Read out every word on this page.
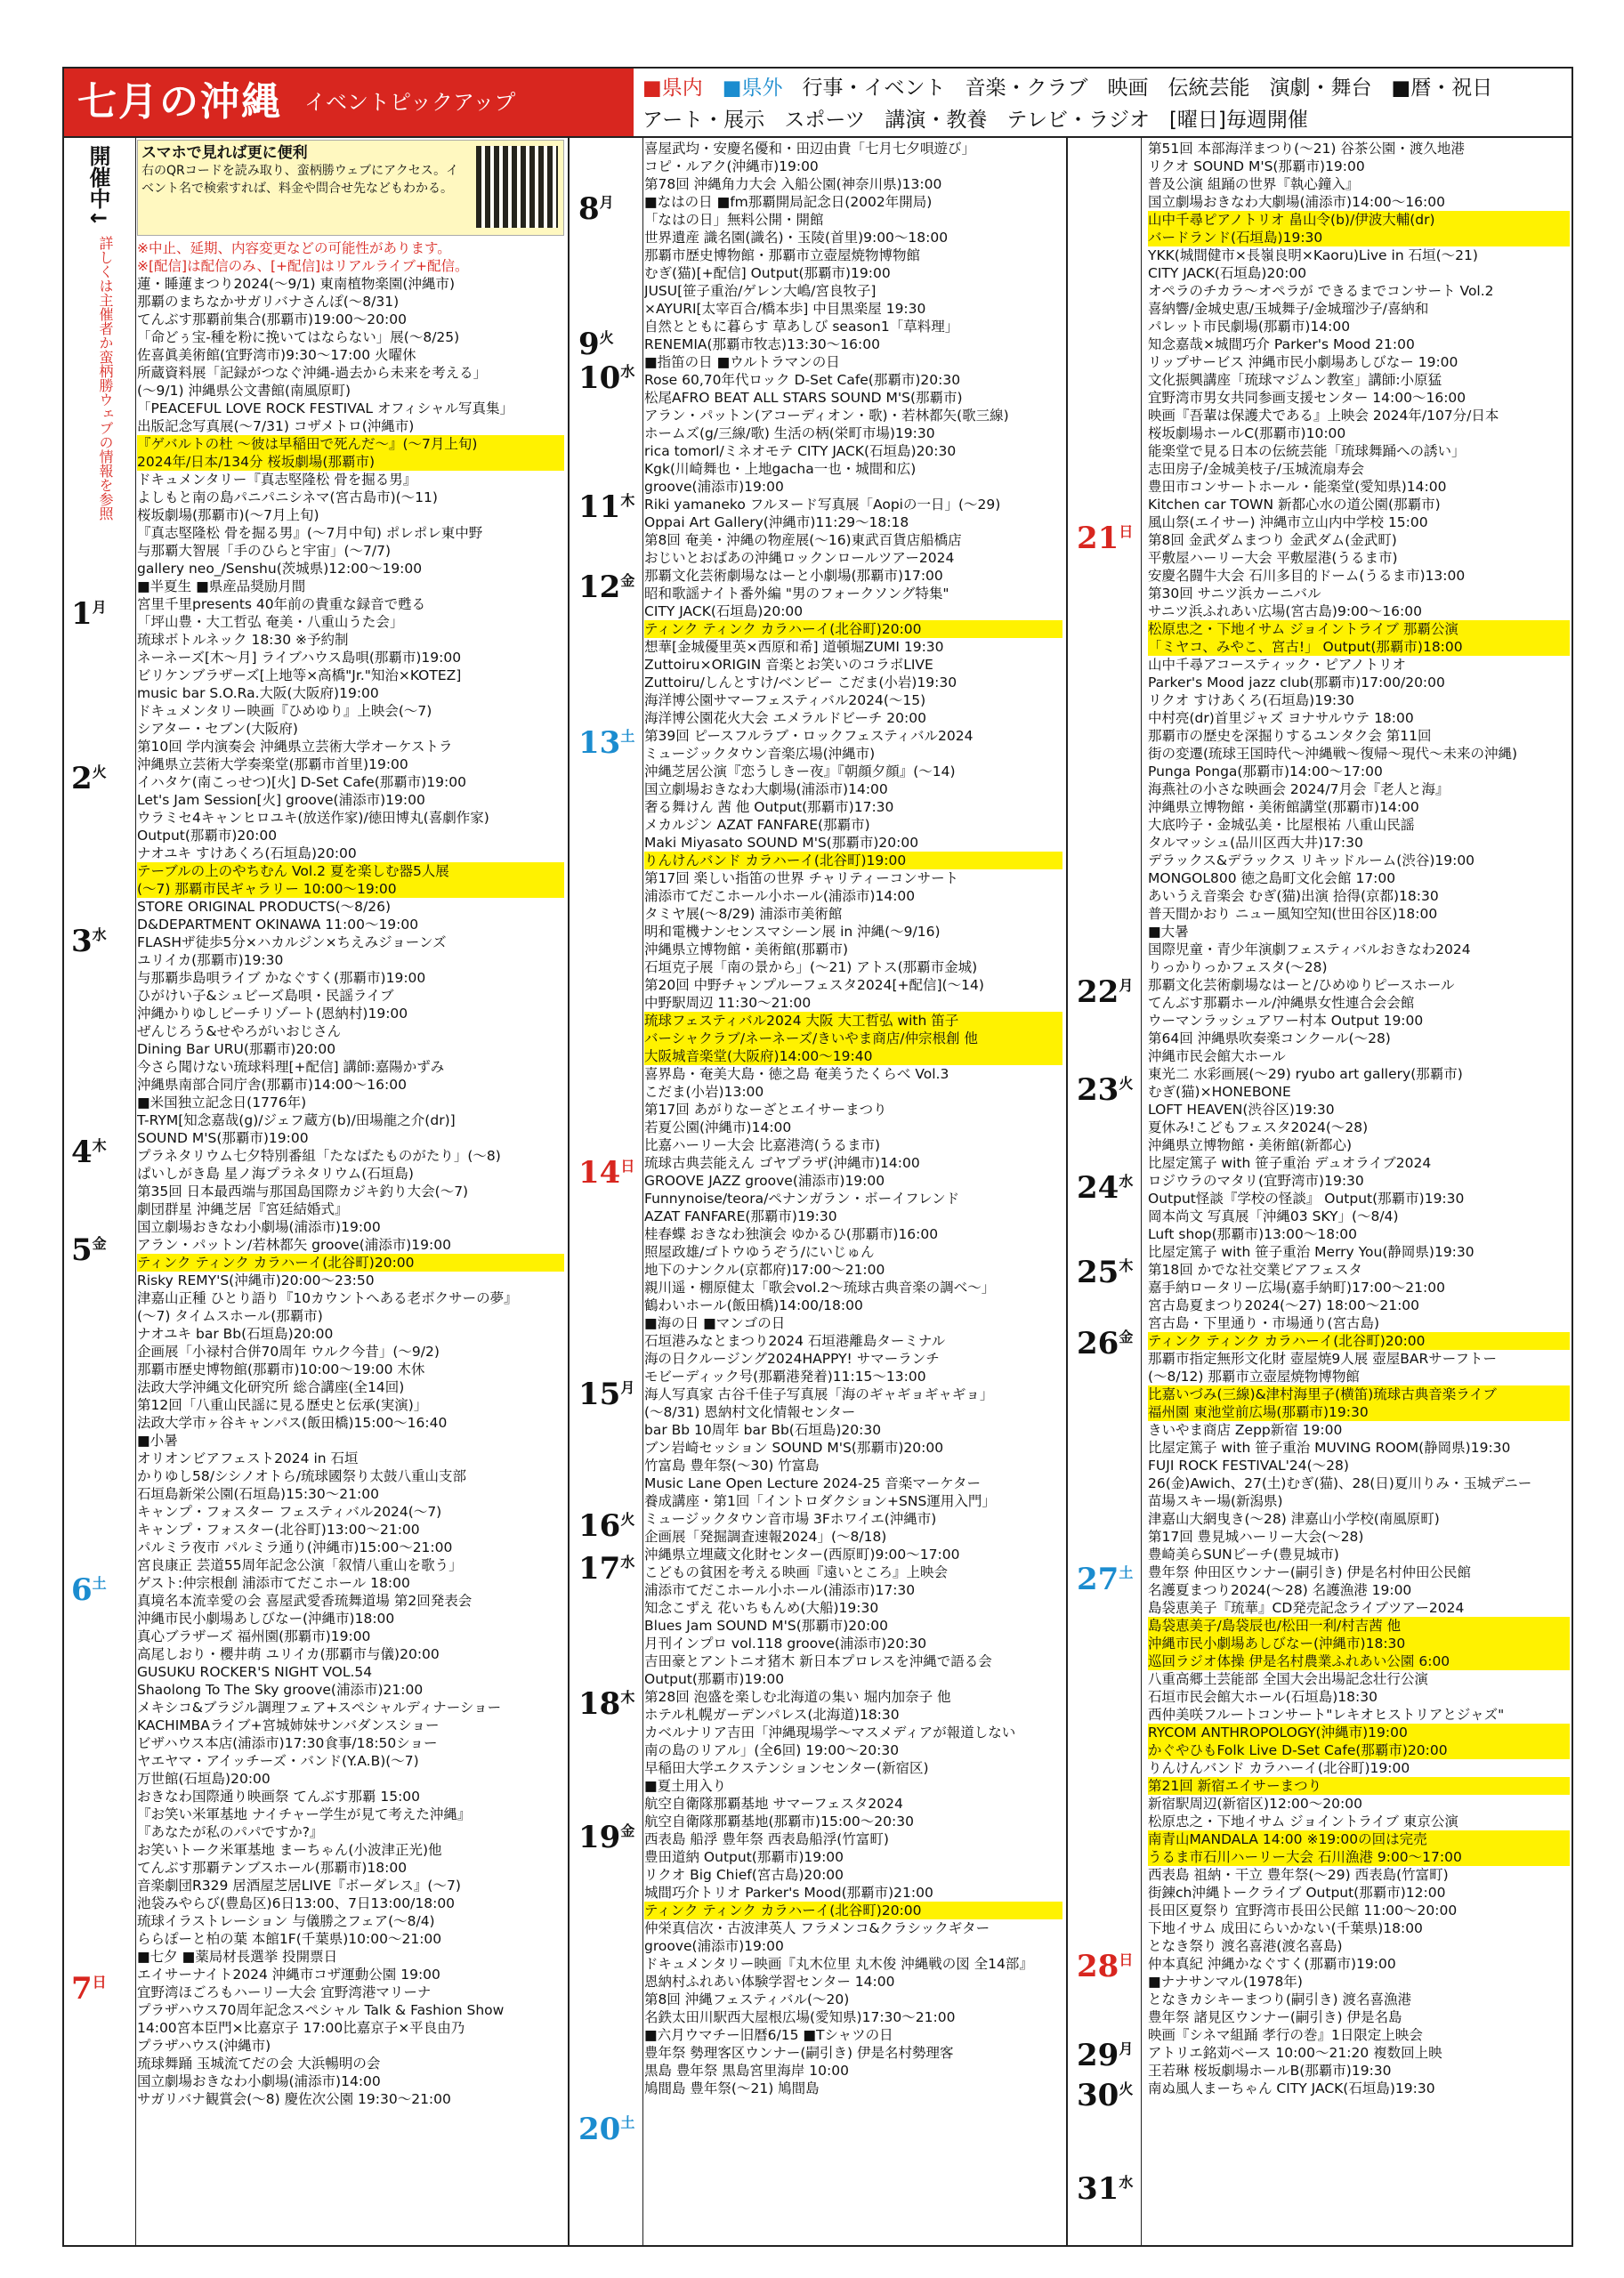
七月の沖縄	イベントピックアップ
■県内 ■県外 行事・イベント 音楽・クラブ 映画 伝統芸能 演劇・舞台 ■暦・祝日
アート・展示 スポーツ 講演・教養 テレビ・ラジオ [曜日]毎週開催
開催中↓
詳しくは主催者か蛮柄勝ウェブの情報を参照
$1^月$
$2^火$
$3^水$
$4^木$
$5^金$
$6^土$
$7^日$
スマホで見れば更に便利
右のQRコードを読み取り、蛮柄勝ウェブにアクセス。イベント名で検索すれば、料金や問合せ先などもわかる。
※中止、延期、内容変更などの可能性があります。
※[配信]は配信のみ、[+配信]はリアルライブ+配信。
蓮・睡蓮まつり2024(～9/1) 東南植物楽園(沖縄市)
那覇のまちなかサガリバナさんぽ(～8/31)
てんぶす那覇前集合(那覇市)19:00～20:00
「命どぅ宝-種を粉に挽いてはならない」展(～8/25)
佐喜眞美術館(宜野湾市)9:30～17:00 火曜休
所蔵資料展「記録がつなぐ沖縄-過去から未来を考える」
(～9/1) 沖縄県公文書館(南風原町)
「PEACEFUL LOVE ROCK FESTIVAL オフィシャル写真集」
出版記念写真展(～7/31) コザメトロ(沖縄市)
『ゲバルトの杜 ～彼は早稲田で死んだ～』(～7月上旬)
2024年/日本/134分 桜坂劇場(那覇市)
ドキュメンタリー『真志堅隆松 骨を掘る男』
よしもと南の島パニパニシネマ(宮古島市)(～11)
桜坂劇場(那覇市)(～7月上旬)
『真志堅隆松 骨を掘る男』(～7月中旬) ポレポレ東中野
与那覇大智展「手のひらと宇宙」(～7/7)
gallery neo_/Senshu(茨城県)12:00～19:00
■半夏生 ■県産品奨励月間
宮里千里presents 40年前の貴重な録音で甦る
「坪山豊・大工哲弘 奄美・八重山うた会」
琉球ボトルネック 18:30 ※予約制
ネーネーズ[木～月] ライブハウス島唄(那覇市)19:00
ビリケンブラザーズ[上地等×高橋"Jr."知治×KOTEZ]
music bar S.O.Ra.大阪(大阪府)19:00
ドキュメンタリー映画『ひめゆり』上映会(～7)
シアター・セブン(大阪府)
第10回 学内演奏会 沖縄県立芸術大学オーケストラ
沖縄県立芸術大学奏楽堂(那覇市首里)19:00
イハタケ(南こっせつ)[火] D-Set Cafe(那覇市)19:00
Let's Jam Session[火] groove(浦添市)19:00
ウラミセ4キャンヒロユキ(放送作家)/徳田博丸(喜劇作家)
Output(那覇市)20:00
ナオユキ すけあくろ(石垣島)20:00
テーブルの上のやちむん Vol.2 夏を楽しむ器5人展
(～7) 那覇市民ギャラリー 10:00～19:00
STORE ORIGINAL PRODUCTS(～8/26)
D&DEPARTMENT OKINAWA 11:00～19:00
FLASHザ徒歩5分×ハカルジン×ちえみジョーンズ
ユリイカ(那覇市)19:30
与那覇歩島唄ライブ かなぐすく(那覇市)19:00
ひがけい子&シュビーズ島唄・民謡ライブ
沖縄かりゆしビーチリゾート(恩納村)19:00
ぜんじろう&せやろがいおじさん
Dining Bar URU(那覇市)20:00
今さら聞けない琉球料理[+配信] 講師:嘉陽かずみ
沖縄県南部合同庁舎(那覇市)14:00～16:00
■米国独立記念日(1776年)
T-RYM[知念嘉哉(g)/ジェフ蔵方(b)/田場龍之介(dr)]
SOUND M'S(那覇市)19:00
プラネタリウム七夕特別番組「たなばたものがたり」(～8)
ぱいしがき島 星ノ海プラネタリウム(石垣島)
第35回 日本最西端与那国島国際カジキ釣り大会(～7)
劇団群星 沖縄芝居『宮廷結婚式』
国立劇場おきなわ小劇場(浦添市)19:00
アラン・パットン/若林都矢 groove(浦添市)19:00
ティンク ティンク カラハーイ(北谷町)20:00
Risky REMY'S(沖縄市)20:00～23:50
津嘉山正種 ひとり語り『10カウントへある老ボクサーの夢』
(～7) タイムスホール(那覇市)
ナオユキ bar Bb(石垣島)20:00
企画展「小禄村合併70周年 ウルク今昔」(～9/2)
那覇市歴史博物館(那覇市)10:00～19:00 木休
法政大学沖縄文化研究所 総合講座(全14回)
第12回「八重山民謡に見る歴史と伝承(実演)」
法政大学市ヶ谷キャンパス(飯田橋)15:00～16:40
■小暑
オリオンビアフェスト2024 in 石垣
かりゆし58/シシノオトら/琉球國祭り太鼓八重山支部
石垣島新栄公園(石垣島)15:30～21:00
キャンプ・フォスター フェスティバル2024(～7)
キャンプ・フォスター(北谷町)13:00～21:00
パルミラ夜市 パルミラ通り(沖縄市)15:00～21:00
宮良康正 芸道55周年記念公演「叙情八重山を歌う」
ゲスト:仲宗根創 浦添市てだこホール 18:00
真境名本流幸愛の会 喜屋武愛香琉舞道場 第2回発表会
沖縄市民小劇場あしびなー(沖縄市)18:00
真心ブラザーズ 福州園(那覇市)19:00
高尾しおり・櫻井萌 ユリイカ(那覇市与儀)20:00
GUSUKU ROCKER'S NIGHT VOL.54
Shaolong To The Sky groove(浦添市)21:00
メキシコ&ブラジル調理フェア+スペシャルディナーショー
KACHIMBAライブ+宮城姉妹サンバダンスショー
ビザハウス本店(浦添市)17:30食事/18:50ショー
ヤエヤマ・アイッチーズ・バンド(Y.A.B)(～7)
万世館(石垣島)20:00
おきなわ国際通り映画祭 てんぶす那覇 15:00
『お笑い米軍基地 ナイチャー学生が見て考えた沖縄』
『あなたが私のパパですか?』
お笑いトーク米軍基地 まーちゃん(小波津正光)他
てんぶす那覇テンブスホール(那覇市)18:00
音楽劇団R329 居酒屋芝居LIVE『ボーダレス』(～7)
池袋みやらび(豊島区)6日13:00、7日13:00/18:00
琉球イラストレーション 与儀勝之フェア(～8/4)
ららぽーと柏の葉 本館1F(千葉県)10:00～21:00
■七夕 ■薬局材長選挙 投開票日
エイサーナイト2024 沖縄市コザ運動公園 19:00
宜野湾ほごろもハーリー大会 宜野湾港マリーナ
プラザハウス70周年記念スペシャル Talk & Fashion Show
14:00宮本臣門×比嘉京子 17:00比嘉京子×平良由乃
プラザハウス(沖縄市)
琉球舞踊 玉城流てだの会 大浜暢明の会
国立劇場おきなわ小劇場(浦添市)14:00
サガリバナ観賞会(～8) 慶佐次公園 19:30～21:00
$8^月$
$9^火$
$10^水$
$11^木$
$12^金$
$13^土$
$14^日$
$15^月$
$16^火$
$17^水$
$18^木$
$19^金$
$20^土$
喜屋武均・安慶名優和・田辺由貴「七月七夕唄遊び」
コピ・ルアク(沖縄市)19:00
第78回 沖縄角力大会 入船公園(神奈川県)13:00
■なはの日 ■fm那覇開局記念日(2002年開局)
「なはの日」無料公開・開館
世界遺産 識名園(識名)・玉陵(首里)9:00～18:00
那覇市歴史博物館・那覇市立壺屋焼物博物館
むぎ(猫)[+配信] Output(那覇市)19:00
JUSU[笹子重治/ゲレン大嶋/宮良牧子]
×AYURI[太宰百合/橋本歩] 中目黒楽屋 19:30
自然とともに暮らす 草あしび season1「草料理」
RENEMIA(那覇市牧志)13:30～16:00
■指笛の日 ■ウルトラマンの日
Rose 60,70年代ロック D-Set Cafe(那覇市)20:30
松尾AFRO BEAT ALL STARS SOUND M'S(那覇市)
アラン・パットン(アコーディオン・歌)・若林都矢(歌三線)
ホームズ(g/三線/歌) 生活の柄(栄町市場)19:30
rica tomorl/ミネオモテ CITY JACK(石垣島)20:30
Kgk(川崎舞也・上地gacha一也・城間和広)
groove(浦添市)19:00
Riki yamaneko フルヌード写真展「Aopiの一日」(～29)
Oppai Art Gallery(沖縄市)11:29～18:18
第8回 奄美・沖縄の物産展(～16)東武百貨店船橋店
おじいとおばあの沖縄ロックンロールツアー2024
那覇文化芸術劇場なはーと小劇場(那覇市)17:00
昭和歌謡ナイト番外編 "男のフォークソング特集"
CITY JACK(石垣島)20:00
ティンク ティンク カラハーイ(北谷町)20:00
想華[金城優里英×西原和希] 道頓堀ZUMI 19:30
Zuttoiru×ORIGIN 音楽とお笑いのコラボLIVE
Zuttoiru/しんとすけ/ベンビー こだま(小岩)19:30
海洋博公園サマーフェスティバル2024(～15)
海洋博公園花火大会 エメラルドビーチ 20:00
第39回 ピースフルラブ・ロックフェスティバル2024
ミュージックタウン音楽広場(沖縄市)
沖縄芝居公演『恋うしきー夜』『朝顔夕顔』(～14)
国立劇場おきなわ大劇場(浦添市)14:00
奢る舞けん 茜 他 Output(那覇市)17:30
メカルジン AZAT FANFARE(那覇市)
Maki Miyasato SOUND M'S(那覇市)20:00
りんけんバンド カラハーイ(北谷町)19:00
第17回 楽しい指笛の世界 チャリティーコンサート
浦添市てだこホール小ホール(浦添市)14:00
タミヤ展(～8/29) 浦添市美術館
明和電機ナンセンスマシーン展 in 沖縄(～9/16)
沖縄県立博物館・美術館(那覇市)
石垣克子展「南の景から」(～21) アトス(那覇市金城)
第20回 中野チャンプルーフェスタ2024[+配信](～14)
中野駅周辺 11:30～21:00
琉球フェスティバル2024 大阪 大工哲弘 with 笛子
バーシャクラブ/ネーネーズ/きいやま商店/仲宗根創 他
大阪城音楽堂(大阪府)14:00～19:40
喜界島・奄美大島・徳之島 奄美うたくらべ Vol.3
こだま(小岩)13:00
第17回 あがりなーざとエイサーまつり
若夏公園(沖縄市)14:00
比嘉ハーリー大会 比嘉港湾(うるま市)
琉球古典芸能えん ゴヤプラザ(沖縄市)14:00
GROOVE JAZZ groove(浦添市)19:00
Funnynoise/teora/ペナンガラン・ボーイフレンド
AZAT FANFARE(那覇市)19:30
桂春蝶 おきなわ独演会 ゆかるひ(那覇市)16:00
照屋政雄/ゴトウゆうぞう/にいじゅん
地下のナンクル(京都府)17:00～21:00
親川遥・棚原健太「歌会vol.2～琉球古典音楽の調べ～」
鶴わいホール(飯田橋)14:00/18:00
■海の日 ■マンゴの日
石垣港みなとまつり2024 石垣港離島ターミナル
海の日クルージング2024HAPPY! サマーランチ
モビーディック号(那覇港発着)11:15～13:00
海人写真家 古谷千佳子写真展「海のギャギョギャギョ」
(～8/31) 恩納村文化情報センター
bar Bb 10周年 bar Bb(石垣島)20:30
ブン岩崎セッション SOUND M'S(那覇市)20:00
竹富島 豊年祭(～30) 竹富島
Music Lane Open Lecture 2024-25 音楽マーケター
養成講座・第1回「イントロダクション+SNS運用入門」
ミュージックタウン音市場 3Fホワイエ(沖縄市)
企画展「発掘調査速報2024」(～8/18)
沖縄県立埋蔵文化財センター(西原町)9:00～17:00
こどもの貧困を考える映画『遠いところ』上映会
浦添市てだこホール小ホール(浦添市)17:30
知念こずえ 花いちもんめ(大船)19:30
Blues Jam SOUND M'S(那覇市)20:00
月刊インプロ vol.118 groove(浦添市)20:30
吉田豪とアントニオ猪木 新日本プロレスを沖縄で語る会
Output(那覇市)19:00
第28回 泡盛を楽しむ北海道の集い 堀内加奈子 他
ホテル札幌ガーデンパレス(北海道)18:30
カベルナリア吉田「沖縄現場学～マスメディアが報道しない
南の島のリアル」(全6回) 19:00～20:30
早稲田大学エクステンションセンター(新宿区)
■夏土用入り
航空自衛隊那覇基地 サマーフェスタ2024
航空自衛隊那覇基地(那覇市)15:00～20:30
西表島 船浮 豊年祭 西表島船浮(竹富町)
豊田道納 Output(那覇市)19:00
リクオ Big Chief(宮古島)20:00
城間巧介トリオ Parker's Mood(那覇市)21:00
ティンク ティンク カラハーイ(北谷町)20:00
仲栄真信次・古波津英人 フラメンコ&クラシックギター
groove(浦添市)19:00
ドキュメンタリー映画『丸木位里 丸木俊 沖縄戦の図 全14部』
恩納村ふれあい体験学習センター 14:00
第8回 沖縄フェスティバル(～20)
名鉄太田川駅西大屋根広場(愛知県)17:30～21:00
■六月ウマチー旧暦6/15 ■Tシャツの日
豊年祭 勢理客区ウンナー(嗣引き) 伊是名村勢理客
黒島 豊年祭 黒島宮里海岸 10:00
鳩間島 豊年祭(～21) 鳩間島
$21^日$
$22^月$
$23^火$
$24^水$
$25^木$
$26^金$
$27^土$
$28^日$
$29^月$
$30^火$
$31^水$
第51回 本部海洋まつり(～21) 谷茶公園・渡久地港
リクオ SOUND M'S(那覇市)19:00
普及公演 組踊の世界『執心鐘入』
国立劇場おきなわ大劇場(浦添市)14:00～16:00
山中千尋ピアノトリオ 畠山令(b)/伊波大輔(dr)
バードランド(石垣島)19:30
YKK(城間健市×長嶺良明×Kaoru)Live in 石垣(～21)
CITY JACK(石垣島)20:00
オペラのチカラ～オペラが できるまでコンサート Vol.2
喜納響/金城史恵/玉城舞子/金城瑠沙子/喜納和
パレット市民劇場(那覇市)14:00
知念嘉哉×城間巧介 Parker's Mood 21:00
リップサービス 沖縄市民小劇場あしびなー 19:00
文化振興講座「琉球マジムン教室」講師:小原猛
宜野湾市男女共同参画支援センター 14:00～16:00
映画『吾輩は保護犬である』上映会 2024年/107分/日本
桜坂劇場ホールC(那覇市)10:00
能楽堂で見る日本の伝統芸能「琉球舞踊への誘い」
志田房子/金城美枝子/玉城流扇寿会
豊田市コンサートホール・能楽堂(愛知県)14:00
Kitchen car TOWN 新都心水の道公園(那覇市)
風山祭(エイサー) 沖縄市立山内中学校 15:00
第8回 金武ダムまつり 金武ダム(金武町)
平敷屋ハーリー大会 平敷屋港(うるま市)
安慶名闘牛大会 石川多目的ドーム(うるま市)13:00
第30回 サニツ浜カーニバル
サニツ浜ふれあい広場(宮古島)9:00～16:00
松原忠之・下地イサム ジョイントライブ 那覇公演
「ミヤコ、みやこ、宮古!」 Output(那覇市)18:00
山中千尋アコースティック・ピアノトリオ
Parker's Mood jazz club(那覇市)17:00/20:00
リクオ すけあくろ(石垣島)19:30
中村亮(dr)首里ジャズ ヨナサルウテ 18:00
那覇市の歴史を深掘りするユンタク会 第11回
街の変遷(琉球王国時代～沖縄戦～復帰～現代～未来の沖縄)
Punga Ponga(那覇市)14:00～17:00
海燕社の小さな映画会 2024/7月会『老人と海』
沖縄県立博物館・美術館講堂(那覇市)14:00
大底吟子・金城弘美・比屋根祐 八重山民謡
タルマッシュ(品川区西大井)17:30
デラックス&デラックス リキッドルーム(渋谷)19:00
MONGOL800 徳之島町文化会館 17:00
あいうえ音楽会 むぎ(猫)出演 拾得(京都)18:30
普天間かおり ニュー風知空知(世田谷区)18:00
■大暑
国際児童・青少年演劇フェスティバルおきなわ2024
りっかりっかフェスタ(～28)
那覇文化芸術劇場なはーと/ひめゆりピースホール
てんぶす那覇ホール/沖縄県女性連合会会館
ウーマンラッシュアワー村本 Output 19:00
第64回 沖縄県吹奏楽コンクール(～28)
沖縄市民会館大ホール
東光二 水彩画展(～29) ryubo art gallery(那覇市)
むぎ(猫)×HONEBONE
LOFT HEAVEN(渋谷区)19:30
夏休み!こどもフェスタ2024(～28)
沖縄県立博物館・美術館(新都心)
比屋定篤子 with 笹子重治 デュオライブ2024
ロジウラのマタリ(宜野湾市)19:30
Output怪談『学校の怪談』 Output(那覇市)19:30
岡本尚文 写真展「沖縄03 SKY」(～8/4)
Luft shop(那覇市)13:00～18:00
比屋定篤子 with 笹子重治 Merry You(静岡県)19:30
第18回 かでな社交業ビアフェスタ
嘉手納ロータリー広場(嘉手納町)17:00～21:00
宮古島夏まつり2024(～27) 18:00～21:00
宮古島・下里通り・市場通り(宮古島)
ティンク ティンク カラハーイ(北谷町)20:00
那覇市指定無形文化財 壺屋焼9人展 壺屋BARサーフトー
(～8/12) 那覇市立壺屋焼物博物館
比嘉いづみ(三線)&津村海里子(横笛)琉球古典音楽ライブ
福州園 東池堂前広場(那覇市)19:30
きいやま商店 Zepp新宿 19:00
比屋定篤子 with 笹子重治 MUVING ROOM(静岡県)19:30
FUJI ROCK FESTIVAL'24(～28)
26(金)Awich、27(土)むぎ(猫)、28(日)夏川りみ・玉城デニー
苗場スキー場(新潟県)
津嘉山大網曳き(～28) 津嘉山小学校(南風原町)
第17回 豊見城ハーリー大会(～28)
豊崎美らSUNビーチ(豊見城市)
豊年祭 仲田区ウンナー(嗣引き) 伊是名村仲田公民館
名護夏まつり2024(～28) 名護漁港 19:00
島袋恵美子『琉華』CD発売記念ライブツアー2024
島袋恵美子/島袋辰也/松田一利/村吉茜 他
沖縄市民小劇場あしびなー(沖縄市)18:30
巡回ラジオ体操 伊是名村農業ふれあい公園 6:00
八重高郷土芸能部 全国大会出場記念壮行公演
石垣市民会館大ホール(石垣島)18:30
西仲美咲フルートコンサート"レキオヒストリアとジャズ"
RYCOM ANTHROPOLOGY(沖縄市)19:00
かぐやひもFolk Live D-Set Cafe(那覇市)20:00
りんけんバンド カラハーイ(北谷町)19:00
第21回 新宿エイサーまつり
新宿駅周辺(新宿区)12:00～20:00
松原忠之・下地イサム ジョイントライブ 東京公演
南青山MANDALA 14:00 ※19:00の回は完売
うるま市石川ハーリー大会 石川漁港 9:00～17:00
西表島 祖納・干立 豊年祭(～29) 西表島(竹富町)
街錬ch沖縄トークライブ Output(那覇市)12:00
長田区夏祭り 宜野湾市長田公民館 11:00～20:00
下地イサム 成田にらいかない(千葉県)18:00
となき祭り 渡名喜港(渡名喜島)
仲本真紀 沖縄かなぐすく(那覇市)19:00
■ナナサンマル(1978年)
となきカシキーまつり(嗣引き) 渡名喜漁港
豊年祭 諸見区ウンナー(嗣引き) 伊是名島
映画『シネマ組踊 孝行の巻』1日限定上映会
アトリエ銘苅ベース 10:00～21:20 複数回上映
王若琳 桜坂劇場ホールB(那覇市)19:30
南ぬ風人まーちゃん CITY JACK(石垣島)19:30
